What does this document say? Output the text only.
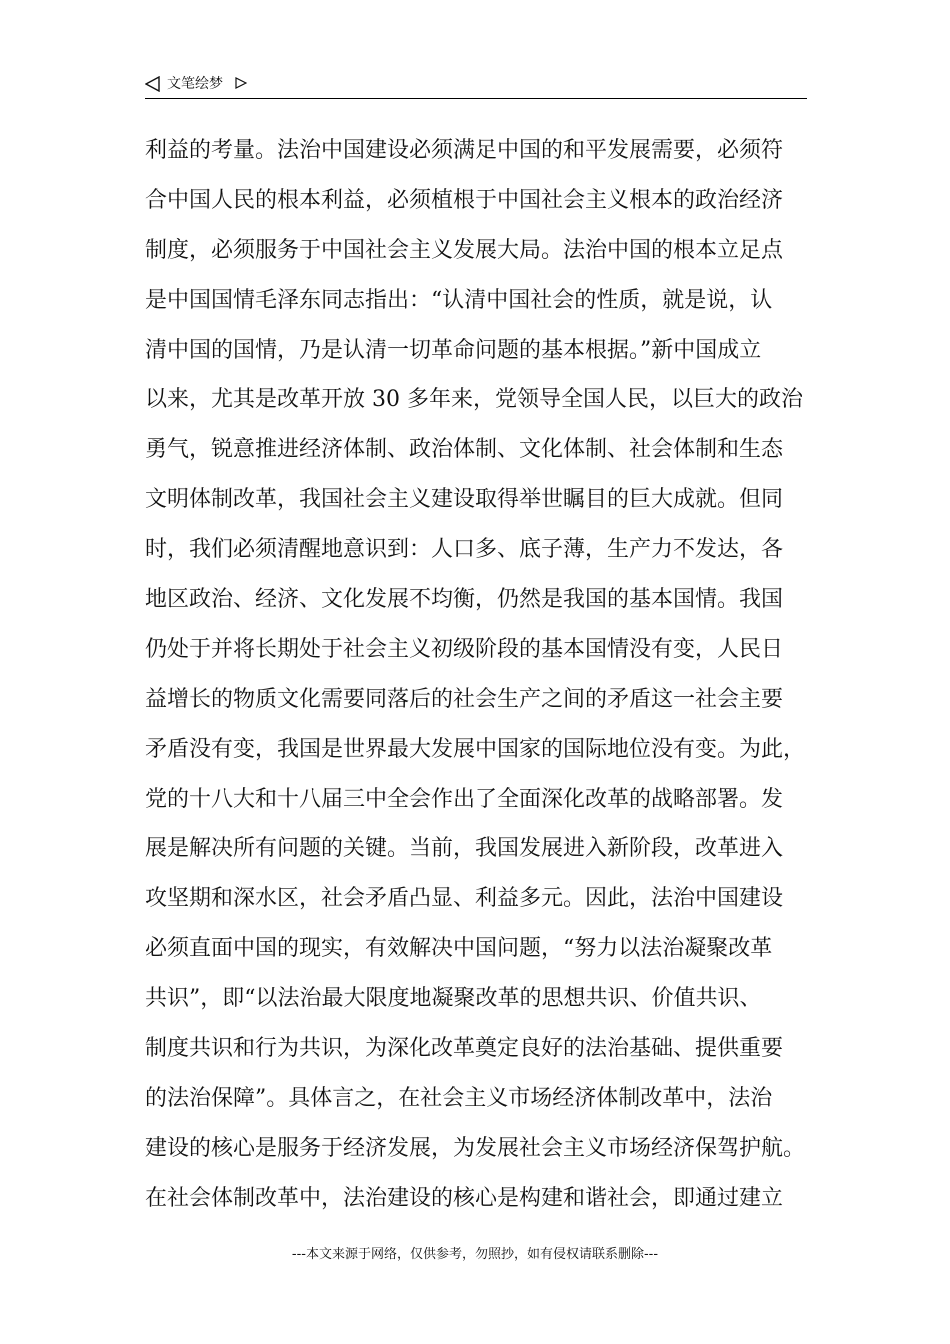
文笔绘梦
利益的考量。法治中国建设必须满足中国的和平发展需要，必须符
合中国人民的根本利益，必须植根于中国社会主义根本的政治经济
制度，必须服务于中国社会主义发展大局。法治中国的根本立足点
是中国国情毛泽东同志指出：“认清中国社会的性质，就是说，认
清中国的国情，乃是认清一切革命问题的基本根据。”新中国成立
以来，尤其是改革开放 30 多年来，党领导全国人民，以巨大的政治
勇气，锐意推进经济体制、政治体制、文化体制、社会体制和生态
文明体制改革，我国社会主义建设取得举世瞩目的巨大成就。但同
时，我们必须清醒地意识到：人口多、底子薄，生产力不发达，各
地区政治、经济、文化发展不均衡，仍然是我国的基本国情。我国
仍处于并将长期处于社会主义初级阶段的基本国情没有变，人民日
益增长的物质文化需要同落后的社会生产之间的矛盾这一社会主要
矛盾没有变，我国是世界最大发展中国家的国际地位没有变。为此，
党的十八大和十八届三中全会作出了全面深化改革的战略部署。发
展是解决所有问题的关键。当前，我国发展进入新阶段，改革进入
攻坚期和深水区，社会矛盾凸显、利益多元。因此，法治中国建设
必须直面中国的现实，有效解决中国问题，“努力以法治凝聚改革
共识”，即“以法治最大限度地凝聚改革的思想共识、价值共识、
制度共识和行为共识，为深化改革奠定良好的法治基础、提供重要
的法治保障”。具体言之，在社会主义市场经济体制改革中，法治
建设的核心是服务于经济发展，为发展社会主义市场经济保驾护航。
在社会体制改革中，法治建设的核心是构建和谐社会，即通过建立
---本文来源于网络，仅供参考，勿照抄，如有侵权请联系删除---
